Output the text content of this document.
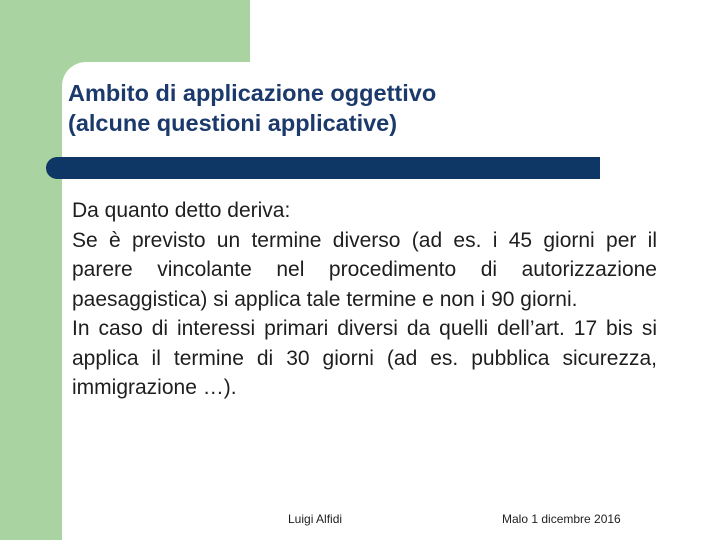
Ambito di applicazione oggettivo
(alcune questioni applicative)

Da quanto detto deriva:

Se è previsto un termine diverso (ad es. i 45 giorni per il parere vincolante nel procedimento di autorizzazione paesaggistica) si applica tale termine e non i 90 giorni.

In caso di interessi primari diversi da quelli dell’art. 17 bis si applica il termine di 30 giorni (ad es. pubblica sicurezza, immigrazione …).

Luigi Alfidi	Malo 1 dicembre 2016
